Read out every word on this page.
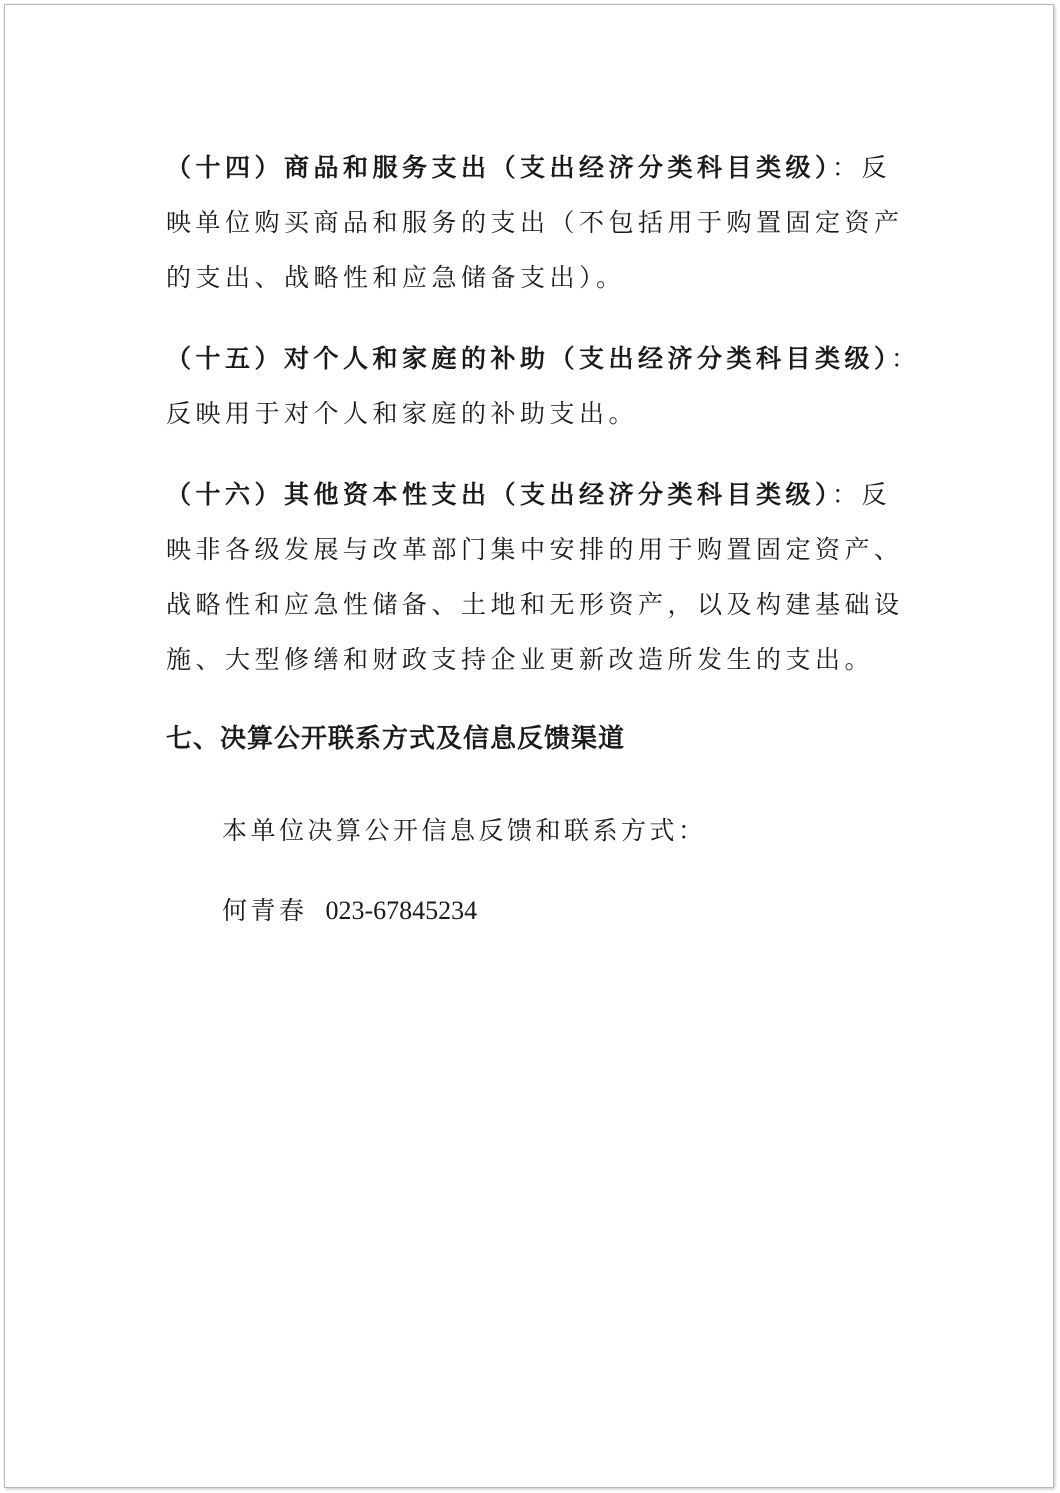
（十四）商品和服务支出（支出经济分类科目类级）：反
映单位购买商品和服务的支出（不包括用于购置固定资产
的支出、战略性和应急储备支出）。
（十五）对个人和家庭的补助（支出经济分类科目类级）：
反映用于对个人和家庭的补助支出。
（十六）其他资本性支出（支出经济分类科目类级）：反
映非各级发展与改革部门集中安排的用于购置固定资产、
战略性和应急性储备、土地和无形资产，以及构建基础设
施、大型修缮和财政支持企业更新改造所发生的支出。
七、决算公开联系方式及信息反馈渠道
本单位决算公开信息反馈和联系方式：
何青春 023-67845234
